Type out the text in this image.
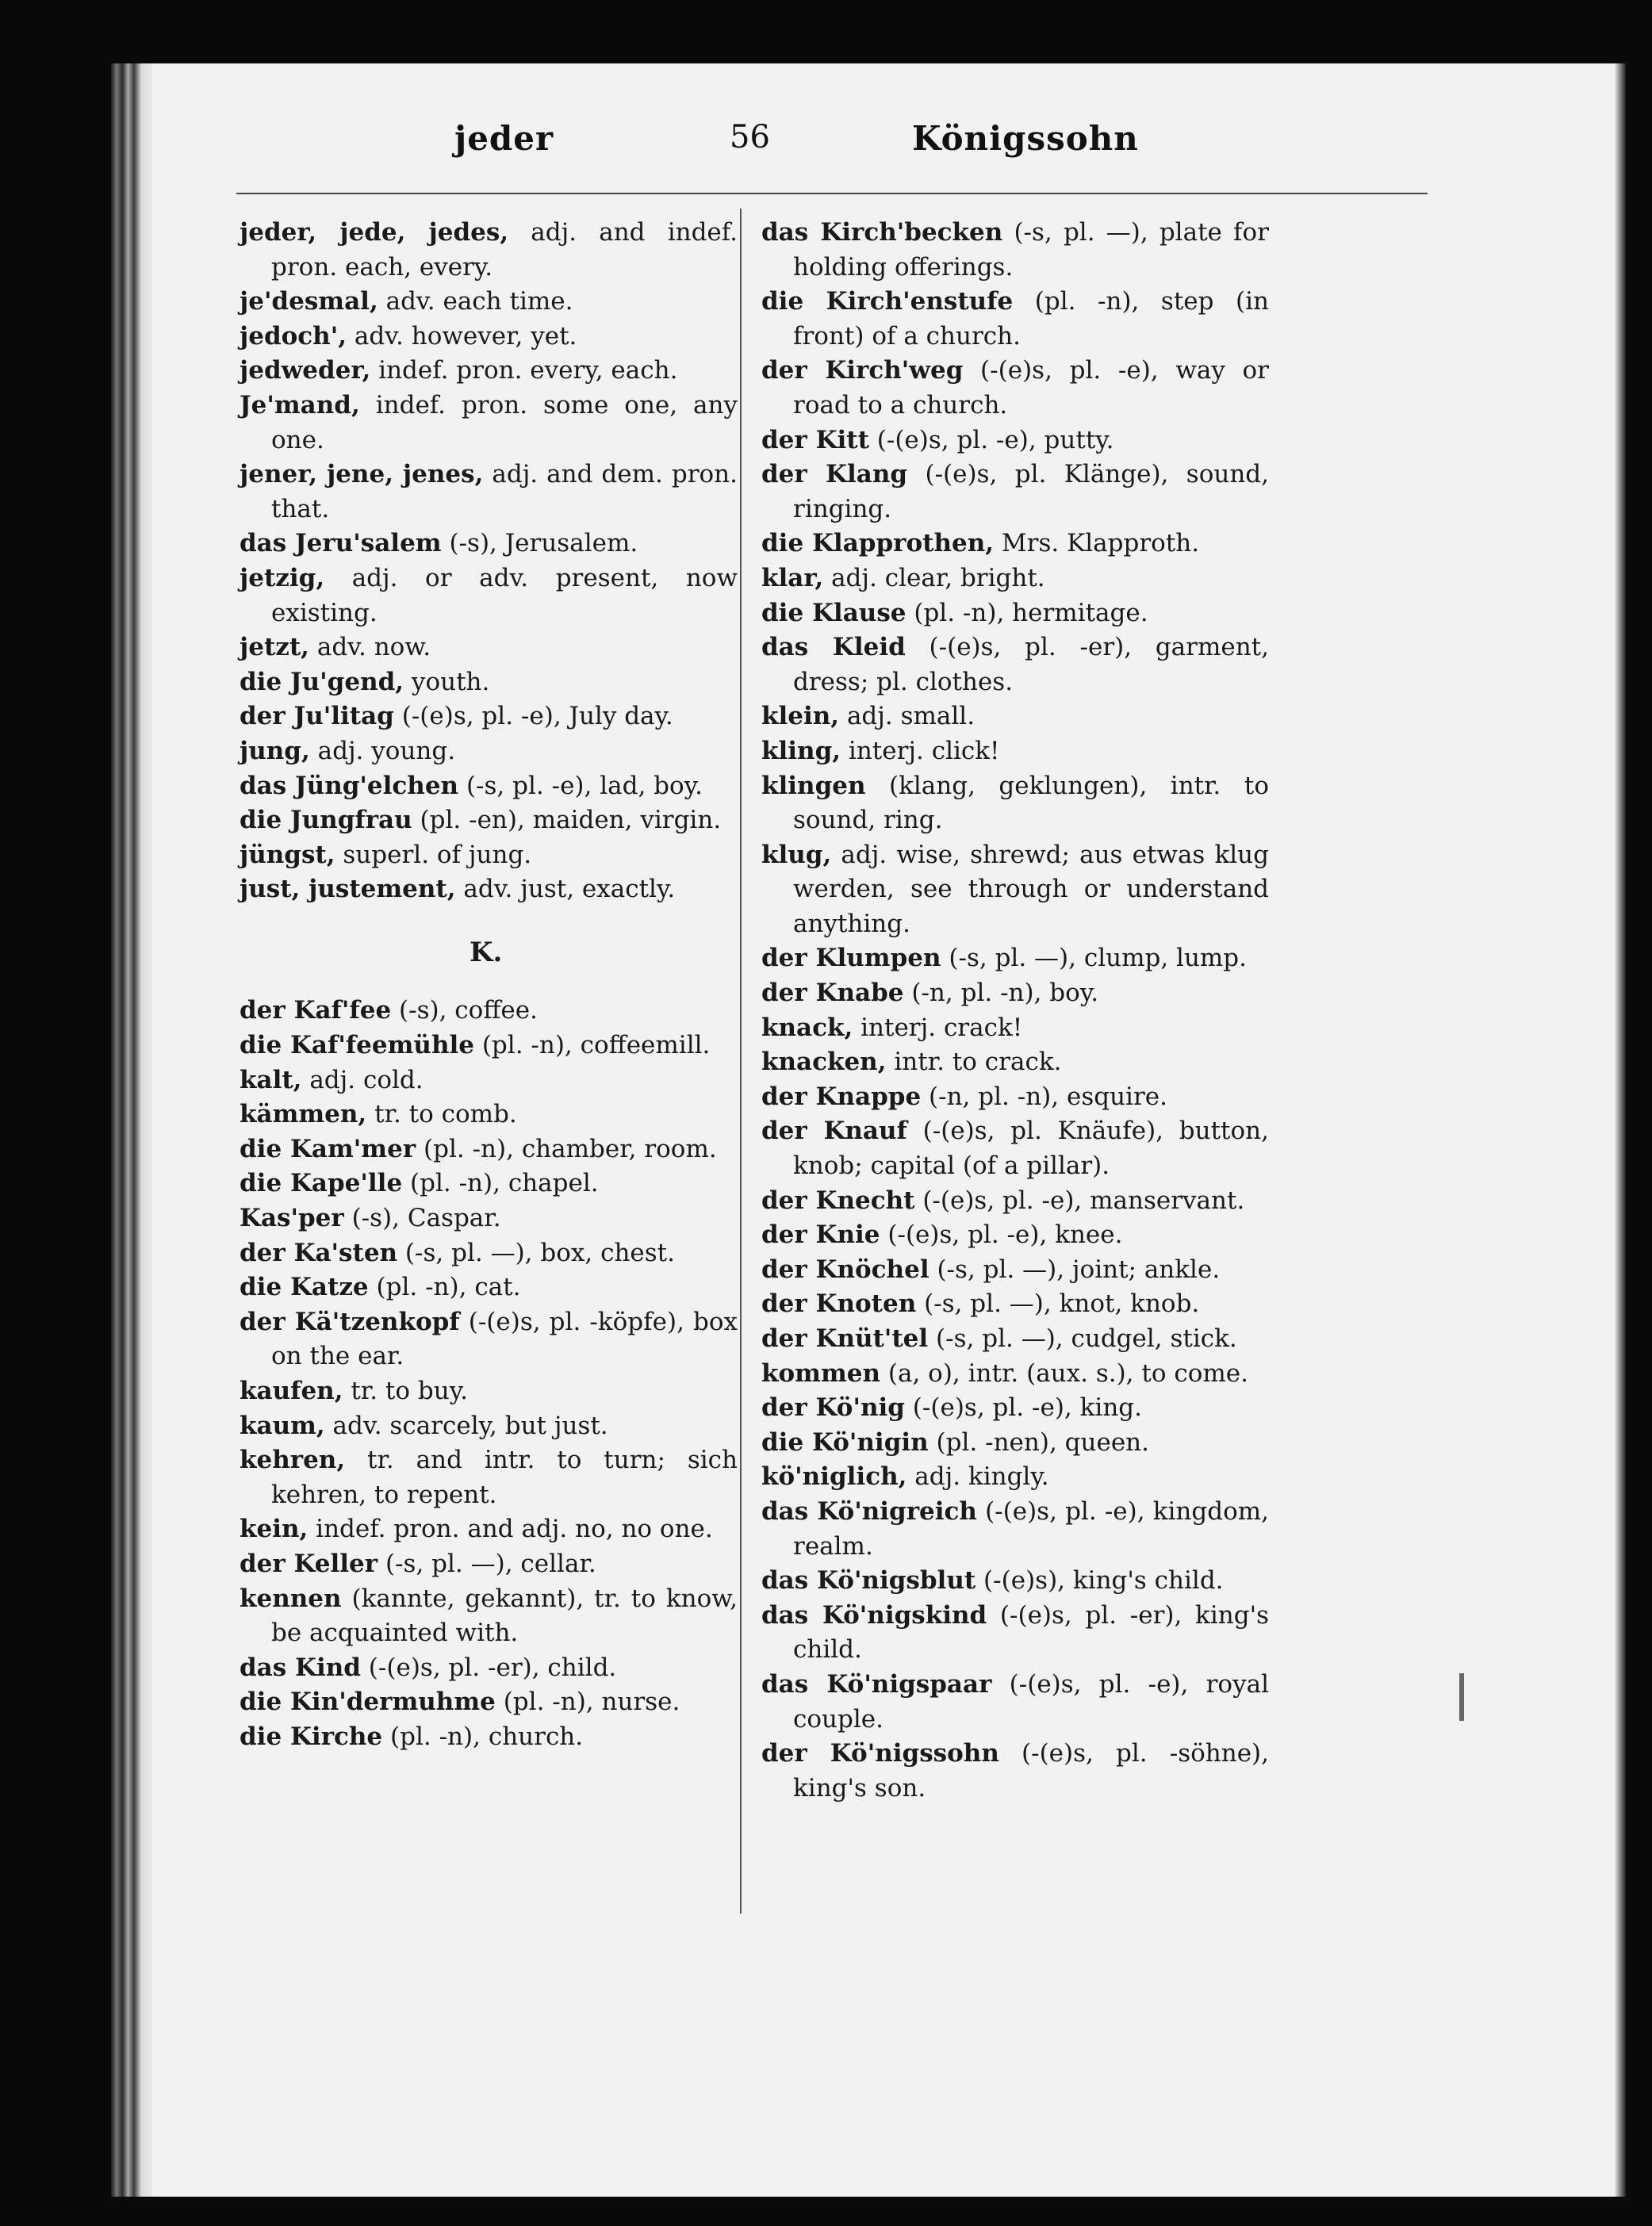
jeder	56	Königssohn

jeder, jede, jedes, adj. and indef. pron. each, every.

je'desmal, adv. each time.

jedoch', adv. however, yet.

jedweder, indef. pron. every, each.

Je'mand, indef. pron. some one, any one.

jener, jene, jenes, adj. and dem. pron. that.

das Jeru'salem (-s), Jerusalem.

jetzig, adj. or adv. present, now existing.

jetzt, adv. now.

die Ju'gend, youth.

der Ju'litag (-(e)s, pl. -e), July day.

jung, adj. young.

das Jüng'elchen (-s, pl. -e), lad, boy.

die Jungfrau (pl. -en), maiden, virgin.

jüngst, superl. of jung.

just, justement, adv. just, exactly.

K.

der Kaf'fee (-s), coffee.

die Kaf'feemühle (pl. -n), coffeemill.

kalt, adj. cold.

kämmen, tr. to comb.

die Kam'mer (pl. -n), chamber, room.

die Kape'lle (pl. -n), chapel.

Kas'per (-s), Caspar.

der Ka'sten (-s, pl. —), box, chest.

die Katze (pl. -n), cat.

der Kä'tzenkopf (-(e)s, pl. -köpfe), box on the ear.

kaufen, tr. to buy.

kaum, adv. scarcely, but just.

kehren, tr. and intr. to turn; sich kehren, to repent.

kein, indef. pron. and adj. no, no one.

der Keller (-s, pl. —), cellar.

kennen (kannte, gekannt), tr. to know, be acquainted with.

das Kind (-(e)s, pl. -er), child.

die Kin'dermuhme (pl. -n), nurse.

die Kirche (pl. -n), church.

das Kirch'becken (-s, pl. —), plate for holding offerings.

die Kirch'enstufe (pl. -n), step (in front) of a church.

der Kirch'weg (-(e)s, pl. -e), way or road to a church.

der Kitt (-(e)s, pl. -e), putty.

der Klang (-(e)s, pl. Klänge), sound, ringing.

die Klapprothen, Mrs. Klapproth.

klar, adj. clear, bright.

die Klause (pl. -n), hermitage.

das Kleid (-(e)s, pl. -er), garment, dress; pl. clothes.

klein, adj. small.

kling, interj. click!

klingen (klang, geklungen), intr. to sound, ring.

klug, adj. wise, shrewd; aus etwas klug werden, see through or understand anything.

der Klumpen (-s, pl. —), clump, lump.

der Knabe (-n, pl. -n), boy.

knack, interj. crack!

knacken, intr. to crack.

der Knappe (-n, pl. -n), esquire.

der Knauf (-(e)s, pl. Knäufe), button, knob; capital (of a pillar).

der Knecht (-(e)s, pl. -e), manservant.

der Knie (-(e)s, pl. -e), knee.

der Knöchel (-s, pl. —), joint; ankle.

der Knoten (-s, pl. —), knot, knob.

der Knüt'tel (-s, pl. —), cudgel, stick.

kommen (a, o), intr. (aux. s.), to come.

der Kö'nig (-(e)s, pl. -e), king.

die Kö'nigin (pl. -nen), queen.

kö'niglich, adj. kingly.

das Kö'nigreich (-(e)s, pl. -e), kingdom, realm.

das Kö'nigsblut (-(e)s), king's child.

das Kö'nigskind (-(e)s, pl. -er), king's child.

das Kö'nigspaar (-(e)s, pl. -e), royal couple.

der Kö'nigssohn (-(e)s, pl. -söhne), king's son.
